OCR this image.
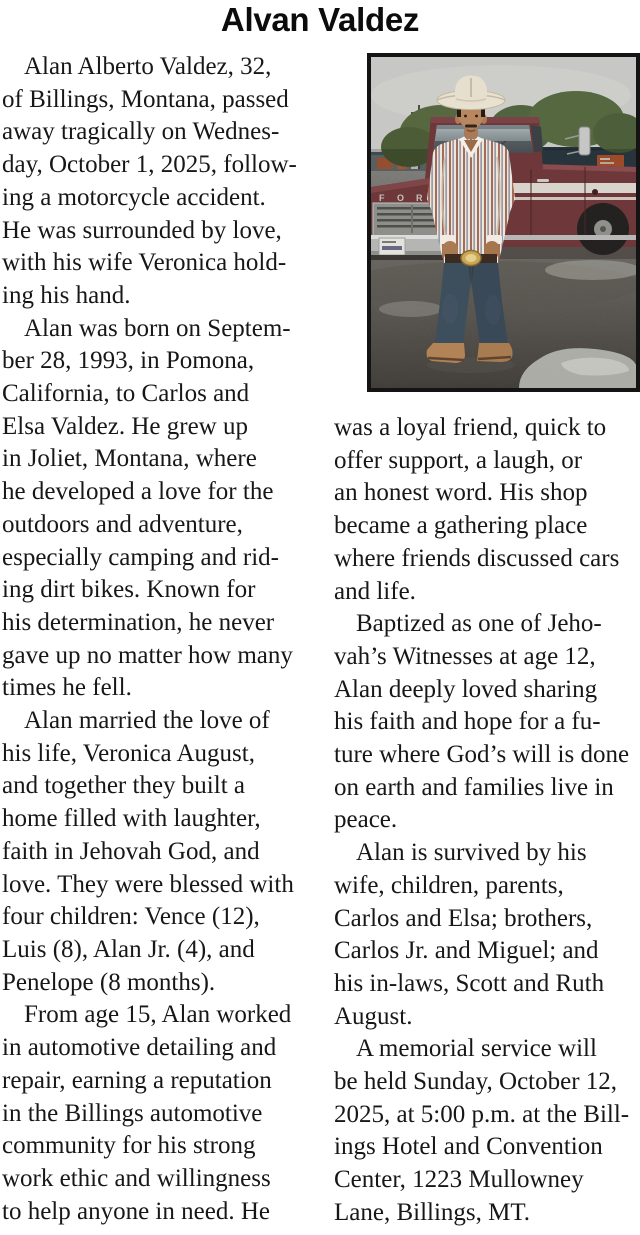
Alvan Valdez
Alan Alberto Valdez, 32,
of Billings, Montana, passed
away tragically on Wednes-
day, October 1, 2025, follow-
ing a motorcycle accident.
He was surrounded by love,
with his wife Veronica hold-
ing his hand.
Alan was born on Septem-
ber 28, 1993, in Pomona,
California, to Carlos and
Elsa Valdez. He grew up
in Joliet, Montana, where
he developed a love for the
outdoors and adventure,
especially camping and rid-
ing dirt bikes. Known for
his determination, he never
gave up no matter how many
times he fell.
Alan married the love of
his life, Veronica August,
and together they built a
home filled with laughter,
faith in Jehovah God, and
love. They were blessed with
four children: Vence (12),
Luis (8), Alan Jr. (4), and
Penelope (8 months).
From age 15, Alan worked
in automotive detailing and
repair, earning a reputation
in the Billings automotive
community for his strong
work ethic and willingness
to help anyone in need. He
was a loyal friend, quick to
offer support, a laugh, or
an honest word. His shop
became a gathering place
where friends discussed cars
and life.
Baptized as one of Jeho-
vah’s Witnesses at age 12,
Alan deeply loved sharing
his faith and hope for a fu-
ture where God’s will is done
on earth and families live in
peace.
Alan is survived by his
wife, children, parents,
Carlos and Elsa; brothers,
Carlos Jr. and Miguel; and
his in-laws, Scott and Ruth
August.
A memorial service will
be held Sunday, October 12,
2025, at 5:00 p.m. at the Bill-
ings Hotel and Convention
Center, 1223 Mullowney
Lane, Billings, MT.
F O R
